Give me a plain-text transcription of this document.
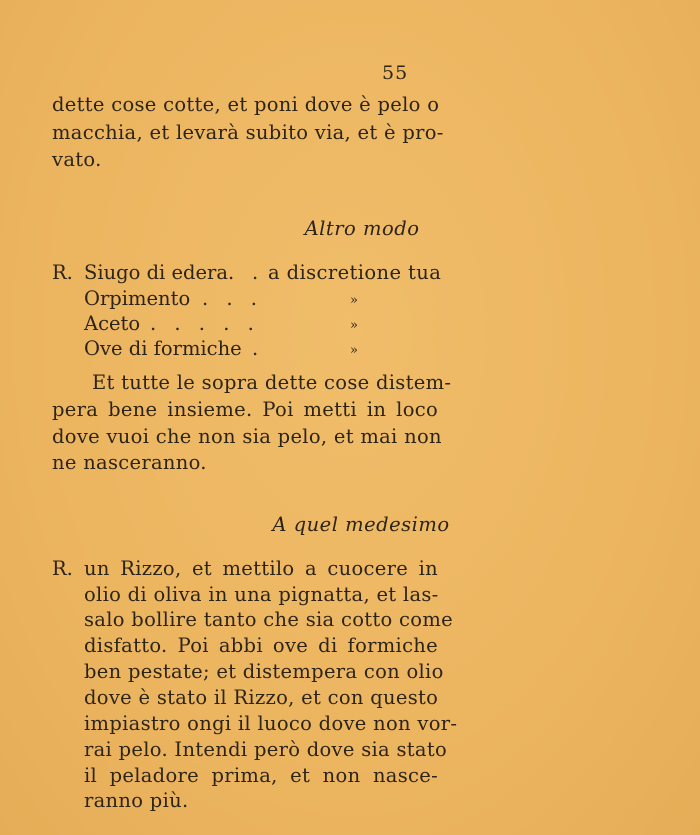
55
dette cose cotte, et poni dove è pelo o
macchia, et levarà subito via, et è pro-
vato.
Altro modo
R. Siugo di edera. . a discretione tua
Orpimento . . .	»
Aceto . . . . .	»
Ove di formiche .	»
Et tutte le sopra dette cose distem-
pera bene insieme. Poi metti in loco
dove vuoi che non sia pelo, et mai non
ne nasceranno.
A quel medesimo
R. un Rizzo, et mettilo a cuocere in
olio di oliva in una pignatta, et las-
salo bollire tanto che sia cotto come
disfatto. Poi abbi ove di formiche
ben pestate; et distempera con olio
dove è stato il Rizzo, et con questo
impiastro ongi il luoco dove non vor-
rai pelo. Intendi però dove sia stato
il peladore prima, et non nasce-
ranno più.
